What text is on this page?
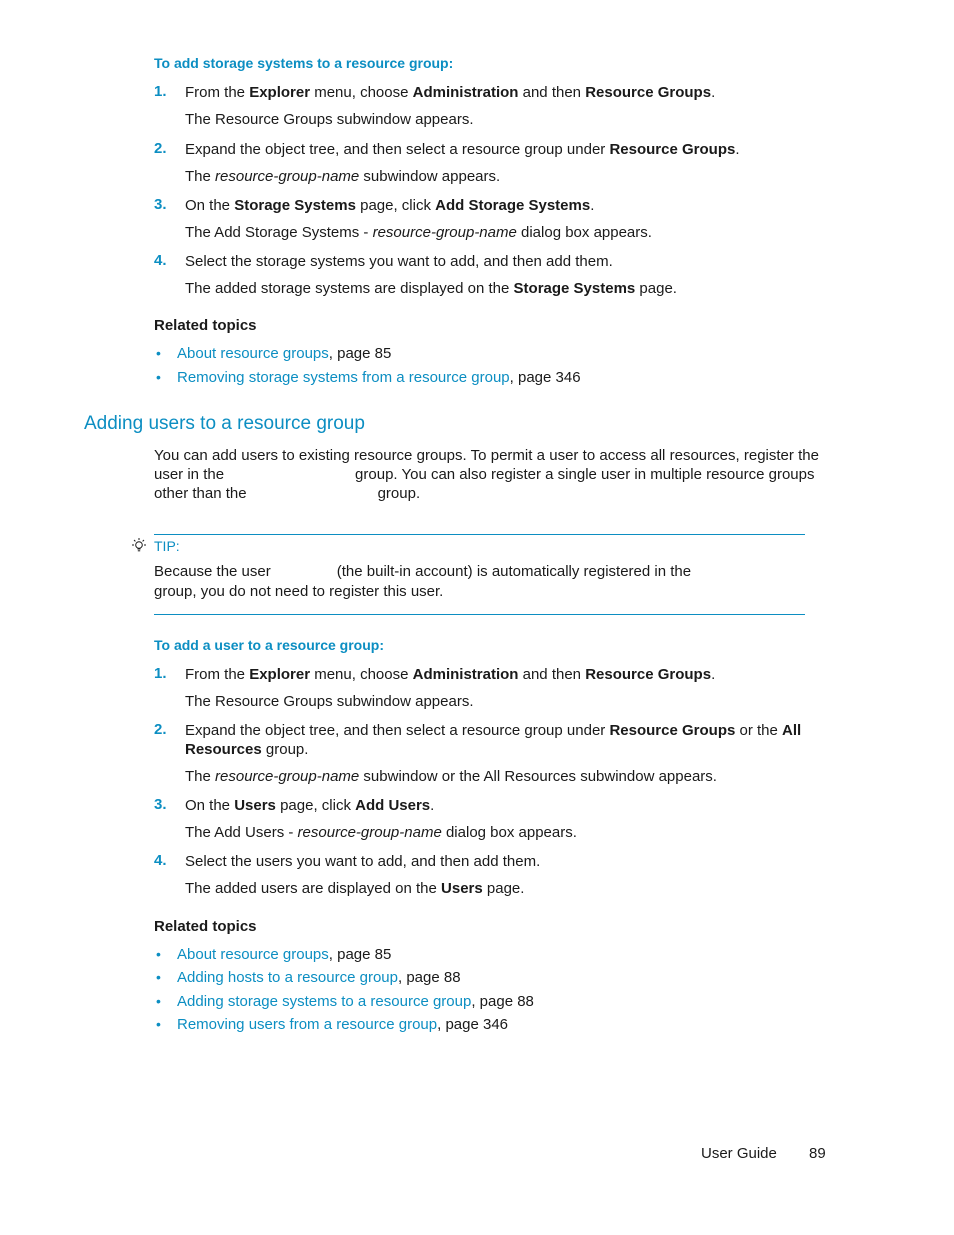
To add storage systems to a resource group:
1. From the Explorer menu, choose Administration and then Resource Groups.
The Resource Groups subwindow appears.
2. Expand the object tree, and then select a resource group under Resource Groups.
The resource-group-name subwindow appears.
3. On the Storage Systems page, click Add Storage Systems.
The Add Storage Systems - resource-group-name dialog box appears.
4. Select the storage systems you want to add, and then add them.
The added storage systems are displayed on the Storage Systems page.
Related topics
• About resource groups, page 85
• Removing storage systems from a resource group, page 346
Adding users to a resource group
You can add users to existing resource groups. To permit a user to access all resources, register the
user in the	group. You can also register a single user in multiple resource groups
other than the	group.
TIP:
Because the user	(the built-in account) is automatically registered in the
group, you do not need to register this user.
To add a user to a resource group:
1. From the Explorer menu, choose Administration and then Resource Groups.
The Resource Groups subwindow appears.
2. Expand the object tree, and then select a resource group under Resource Groups or the All
Resources group.
The resource-group-name subwindow or the All Resources subwindow appears.
3. On the Users page, click Add Users.
The Add Users - resource-group-name dialog box appears.
4. Select the users you want to add, and then add them.
The added users are displayed on the Users page.
Related topics
• About resource groups, page 85
• Adding hosts to a resource group, page 88
• Adding storage systems to a resource group, page 88
• Removing users from a resource group, page 346
User Guide 89
